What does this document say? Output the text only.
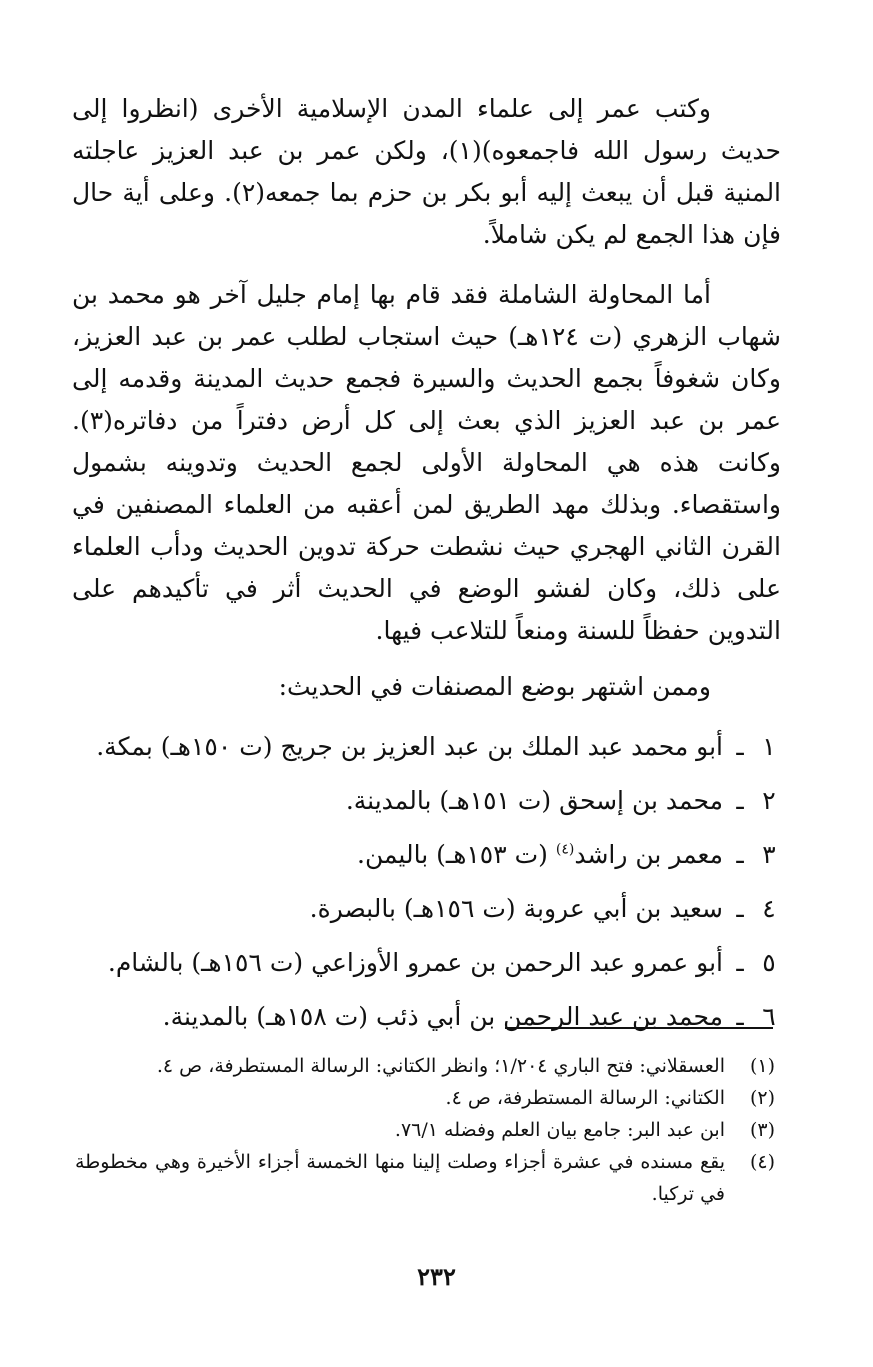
وكتب عمر إلى علماء المدن الإسلامية الأخرى (انظروا إلى حديث رسول الله فاجمعوه)(١)، ولكن عمر بن عبد العزيز عاجلته المنية قبل أن يبعث إليه أبو بكر بن حزم بما جمعه(٢). وعلى أية حال فإن هذا الجمع لم يكن شاملاً.

أما المحاولة الشاملة فقد قام بها إمام جليل آخر هو محمد بن شهاب الزهري (ت ١٢٤هـ) حيث استجاب لطلب عمر بن عبد العزيز، وكان شغوفاً بجمع الحديث والسيرة فجمع حديث المدينة وقدمه إلى عمر بن عبد العزيز الذي بعث إلى كل أرض دفتراً من دفاتره(٣). وكانت هذه هي المحاولة الأولى لجمع الحديث وتدوينه بشمول واستقصاء. وبذلك مهد الطريق لمن أعقبه من العلماء المصنفين في القرن الثاني الهجري حيث نشطت حركة تدوين الحديث ودأب العلماء على ذلك، وكان لفشو الوضع في الحديث أثر في تأكيدهم على التدوين حفظاً للسنة ومنعاً للتلاعب فيها.

وممن اشتهر بوضع المصنفات في الحديث:

١ـأبو محمد عبد الملك بن عبد العزيز بن جريج (ت ١٥٠هـ) بمكة.
٢ـمحمد بن إسحق (ت ١٥١هـ) بالمدينة.
٣ـمعمر بن راشد$^{(٤)}$ (ت ١٥٣هـ) باليمن.
٤ـسعيد بن أبي عروبة (ت ١٥٦هـ) بالبصرة.
٥ـأبو عمرو عبد الرحمن بن عمرو الأوزاعي (ت ١٥٦هـ) بالشام.
٦ـمحمد بن عبد الرحمن بن أبي ذئب (ت ١٥٨هـ) بالمدينة.
(١)
العسقلاني: فتح الباري ١/٢٠٤؛ وانظر الكتاني: الرسالة المستطرفة، ص ٤.
(٢)
الكتاني: الرسالة المستطرفة، ص ٤.
(٣)
ابن عبد البر: جامع بيان العلم وفضله ٧٦/١.
(٤)
يقع مسنده في عشرة أجزاء وصلت إلينا منها الخمسة أجزاء الأخيرة وهي مخطوطة في تركيا.
٢٣٢
